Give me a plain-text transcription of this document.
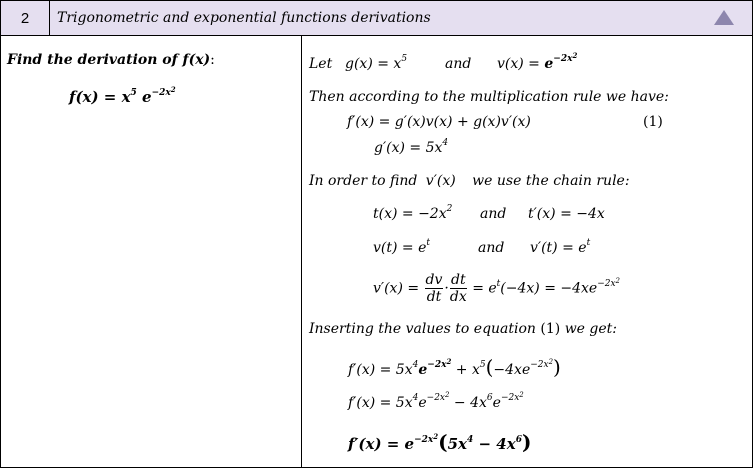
2	Trigonometric and exponential functions derivations
Find the derivation of f(x):
$f(x) = x^5$ $e^{-2x^2}$
Let $g(x) = x^5$	and $v(x) = e^{-2x^2}$
Then according to the multiplication rule we have:
f′(x) = g′(x)v(x) + g(x)v′(x)	(1)
$g'(x) = 5x^4$
In order to find v′(x) we use the chain rule:
$t(x) = -2x^2$ and t′(x) = −4x
$v(t) = e^t$	and $v'(t) = e^t$
$v'(x) = \frac{dv}{dt} \cdot \frac{dt}{dx} = e^t(-4x) = -4xe^{-2x^2}$
Inserting the values to equation (1) we get:
$f'(x) = 5x^4e^{-2x^2} + x^5(-4xe^{-2x^2})$
$f'(x) = 5x^4e^{-2x^2} - 4x^6e^{-2x^2}$
$f'(x) = e^{-2x^2}(5x^4 - 4x^6)$
